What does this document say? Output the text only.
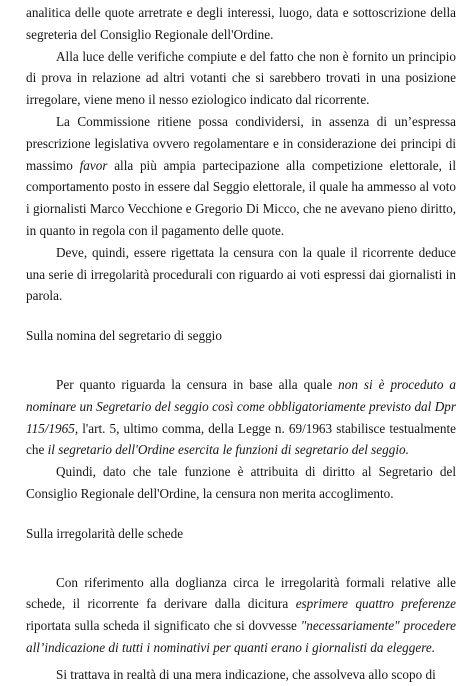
analitica delle quote arretrate e degli interessi, luogo, data e sottoscrizione della segreteria del Consiglio Regionale dell'Ordine.

Alla luce delle verifiche compiute e del fatto che non è fornito un principio di prova in relazione ad altri votanti che si sarebbero trovati in una posizione irregolare, viene meno il nesso eziologico indicato dal ricorrente.

La Commissione ritiene possa condividersi, in assenza di un’espressa prescrizione legislativa ovvero regolamentare e in considerazione dei principi di massimo favor alla più ampia partecipazione alla competizione elettorale, il comportamento posto in essere dal Seggio elettorale, il quale ha ammesso al voto i giornalisti Marco Vecchione e Gregorio Di Micco, che ne avevano pieno diritto, in quanto in regola con il pagamento delle quote.

Deve, quindi, essere rigettata la censura con la quale il ricorrente deduce una serie di irregolarità procedurali con riguardo ai voti espressi dai giornalisti in parola.

Sulla nomina del segretario di seggio

Per quanto riguarda la censura in base alla quale non si è proceduto a nominare un Segretario del seggio così come obbligatoriamente previsto dal Dpr 115/1965, l'art. 5, ultimo comma, della Legge n. 69/1963 stabilisce testualmente che il segretario dell'Ordine esercita le funzioni di segretario del seggio.

Quindi, dato che tale funzione è attribuita di diritto al Segretario del Consiglio Regionale dell'Ordine, la censura non merita accoglimento.

Sulla irregolarità delle schede

Con riferimento alla doglianza circa le irregolarità formali relative alle schede, il ricorrente fa derivare dalla dicitura esprimere quattro preferenze riportata sulla scheda il significato che si dovvesse "necessariamente" procedere all’indicazione di tutti i nominativi per quanti erano i giornalisti da eleggere.

Si trattava in realtà di una mera indicazione, che assolveva allo scopo di
